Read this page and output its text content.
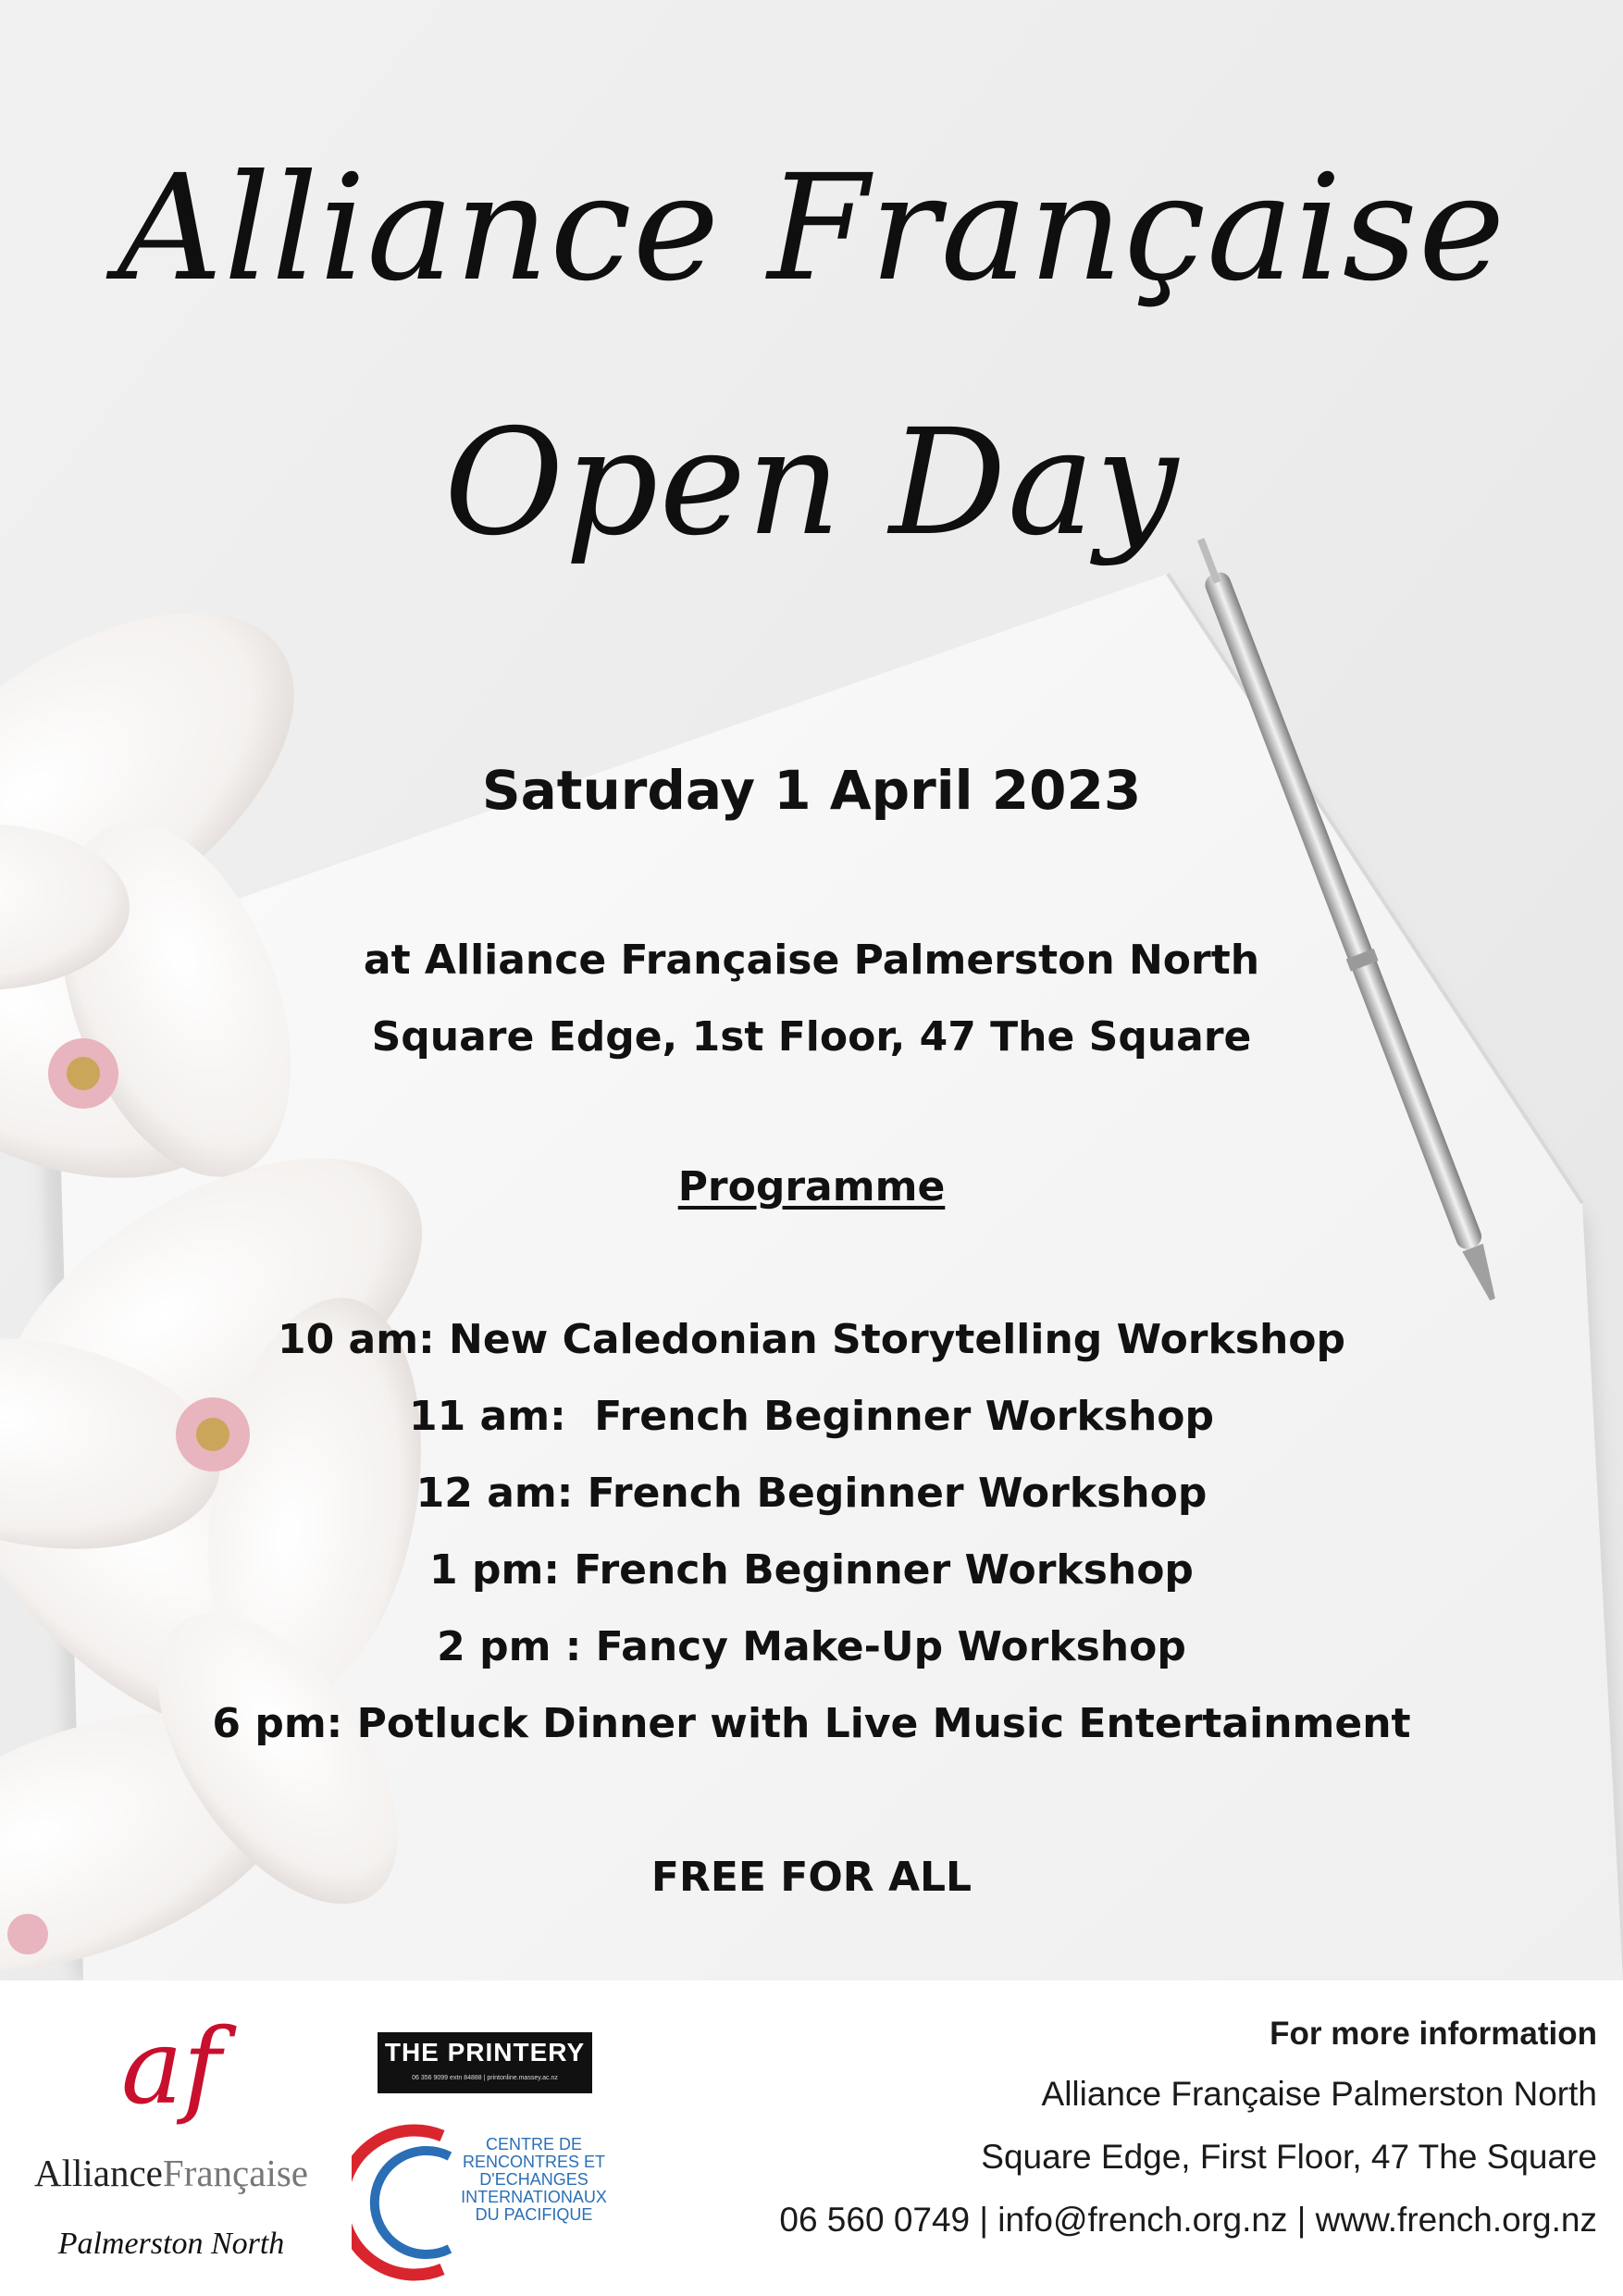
Alliance Française
Open Day
Saturday 1 April 2023
at Alliance Française Palmerston North
Square Edge, 1st Floor, 47 The Square
Programme
10 am: New Caledonian Storytelling Workshop
11 am:  French Beginner Workshop
12 am: French Beginner Workshop
1 pm: French Beginner Workshop
2 pm : Fancy Make-Up Workshop
6 pm: Potluck Dinner with Live Music Entertainment
FREE FOR ALL
af
AllianceFrançaise
Palmerston North
THE PRINTERY
06 356 9099 extn 84888 | printonline.massey.ac.nz
CENTRE DE
RENCONTRES ET
D'ECHANGES
INTERNATIONAUX
DU PACIFIQUE
For more information
Alliance Française Palmerston North
Square Edge, First Floor, 47 The Square
06 560 0749 | info@french.org.nz | www.french.org.nz
